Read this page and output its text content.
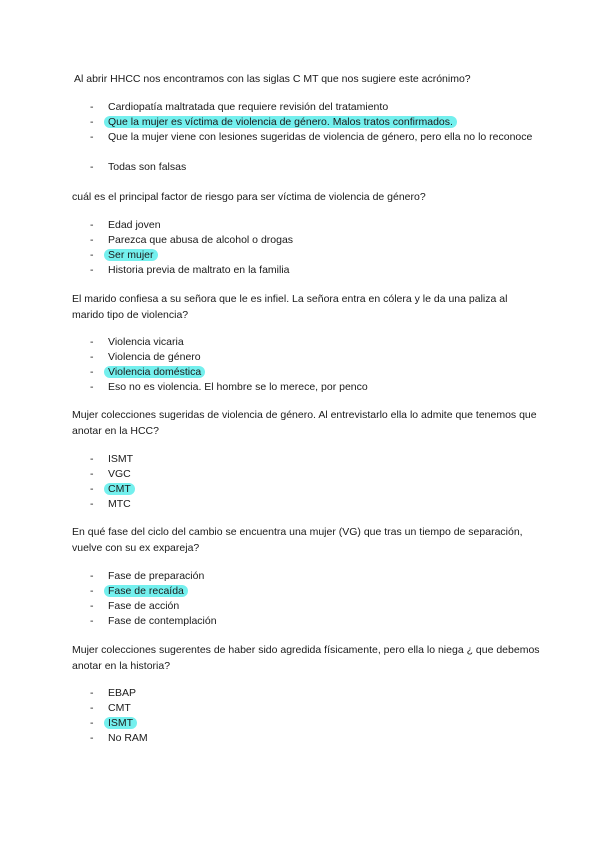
Al abrir HHCC nos encontramos con las siglas C MT que nos sugiere este acrónimo?

- Cardiopatía maltratada que requiere revisión del tratamiento
- Que la mujer es víctima de violencia de género. Malos tratos confirmados.
- Que la mujer viene con lesiones sugeridas de violencia de género, pero ella no lo reconoce
- Todas son falsas

cuál es el principal factor de riesgo para ser víctima de violencia de género?

- Edad joven
- Parezca que abusa de alcohol o drogas
- Ser mujer
- Historia previa de maltrato en la familia

El marido confiesa a su señora que le es infiel. La señora entra en cólera y le da una paliza al marido tipo de violencia?

- Violencia vicaria
- Violencia de género
- Violencia doméstica
- Eso no es violencia. El hombre se lo merece, por penco

Mujer colecciones sugeridas de violencia de género. Al entrevistarlo ella lo admite que tenemos que anotar en la HCC?

- ISMT
- VGC
- CMT
- MTC

En qué fase del ciclo del cambio se encuentra una mujer (VG) que tras un tiempo de separación, vuelve con su ex expareja?

- Fase de preparación
- Fase de recaída
- Fase de acción
- Fase de contemplación

Mujer colecciones sugerentes de haber sido agredida físicamente, pero ella lo niega ¿ que debemos anotar en la historia?

- EBAP
- CMT
- ISMT
- No RAM
